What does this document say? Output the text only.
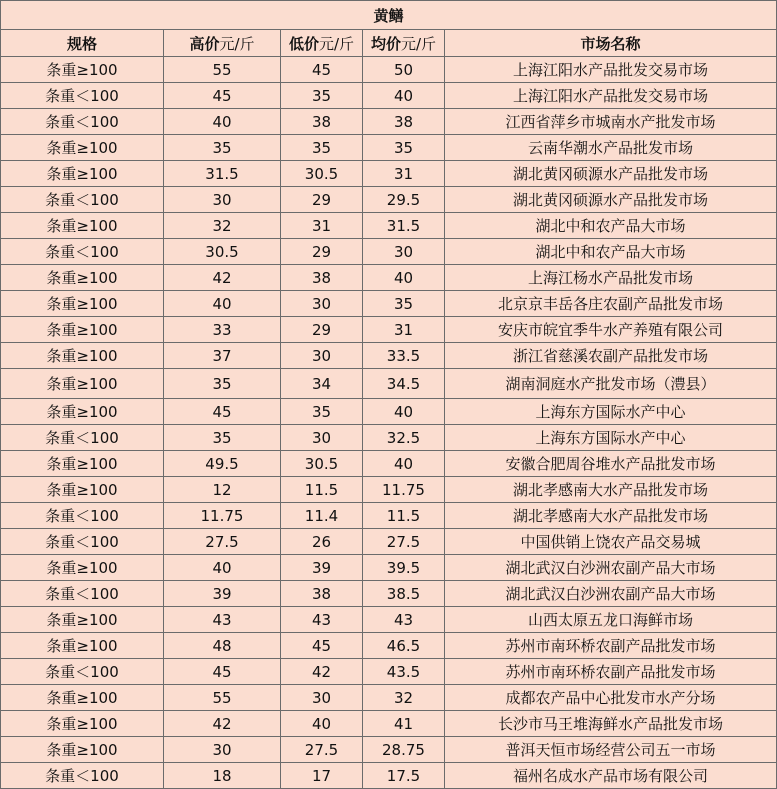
黄鳝				
规格	高价元/斤	低价元/斤	均价元/斤	市场名称
条重≥100	55	45	50	上海江阳水产品批发交易市场
条重＜100	45	35	40	上海江阳水产品批发交易市场
条重＜100	40	38	38	江西省萍乡市城南水产批发市场
条重≥100	35	35	35	云南华潮水产品批发市场
条重≥100	31.5	30.5	31	湖北黄冈硕源水产品批发市场
条重＜100	30	29	29.5	湖北黄冈硕源水产品批发市场
条重≥100	32	31	31.5	湖北中和农产品大市场
条重＜100	30.5	29	30	湖北中和农产品大市场
条重≥100	42	38	40	上海江杨水产品批发市场
条重≥100	40	30	35	北京京丰岳各庄农副产品批发市场
条重≥100	33	29	31	安庆市皖宜季牛水产养殖有限公司
条重≥100	37	30	33.5	浙江省慈溪农副产品批发市场
条重≥100	35	34	34.5	湖南洞庭水产批发市场（澧县）
条重≥100	45	35	40	上海东方国际水产中心
条重＜100	35	30	32.5	上海东方国际水产中心
条重≥100	49.5	30.5	40	安徽合肥周谷堆水产品批发市场
条重≥100	12	11.5	11.75	湖北孝感南大水产品批发市场
条重＜100	11.75	11.4	11.5	湖北孝感南大水产品批发市场
条重＜100	27.5	26	27.5	中国供销上饶农产品交易城
条重≥100	40	39	39.5	湖北武汉白沙洲农副产品大市场
条重＜100	39	38	38.5	湖北武汉白沙洲农副产品大市场
条重≥100	43	43	43	山西太原五龙口海鲜市场
条重≥100	48	45	46.5	苏州市南环桥农副产品批发市场
条重＜100	45	42	43.5	苏州市南环桥农副产品批发市场
条重≥100	55	30	32	成都农产品中心批发市水产分场
条重≥100	42	40	41	长沙市马王堆海鲜水产品批发市场
条重≥100	30	27.5	28.75	普洱天恒市场经营公司五一市场
条重＜100	18	17	17.5	福州名成水产品市场有限公司
